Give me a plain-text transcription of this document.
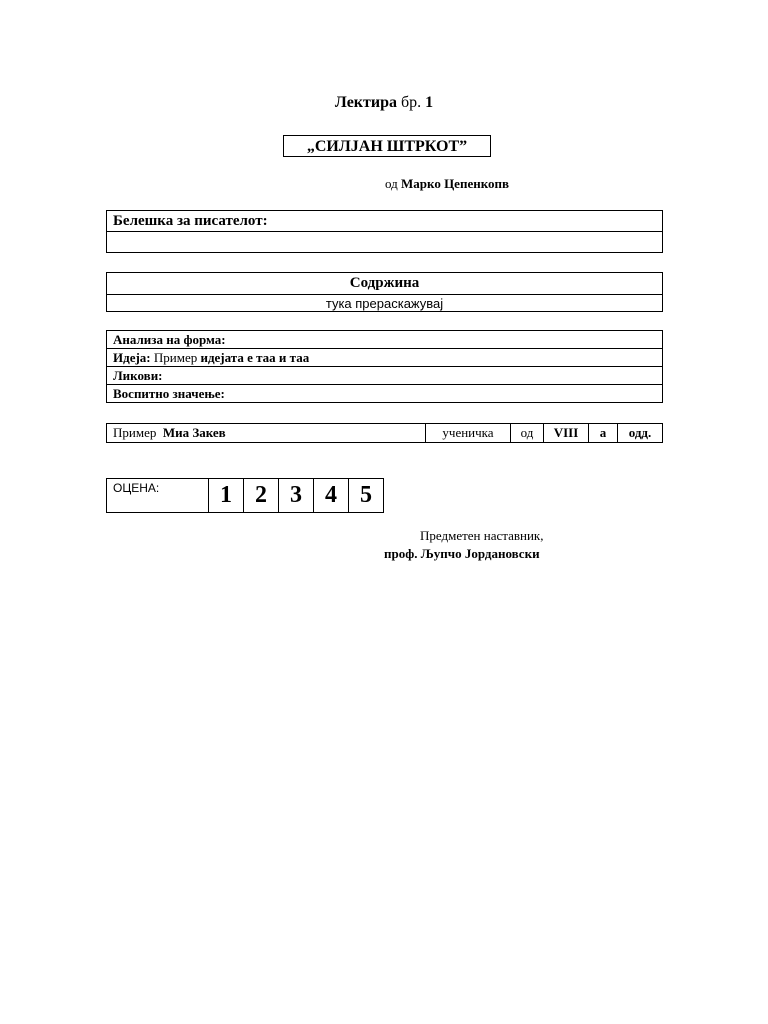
Лектира бр. 1
„СИЛЈАН ШТРКОТ”
од Марко Цепенкопв
Белешка за писателот:

Содржина
тука прераскажувај
Анализа на форма:
Идеја: Пример идејата е таа и таа
Ликови:
Воспитно значење:
Пример Миа Закев	ученичка	од	VIII	а	одд.
ОЦЕНА:	1	2	3	4	5
Предметен наставник,
проф. Љупчо Јордановски
